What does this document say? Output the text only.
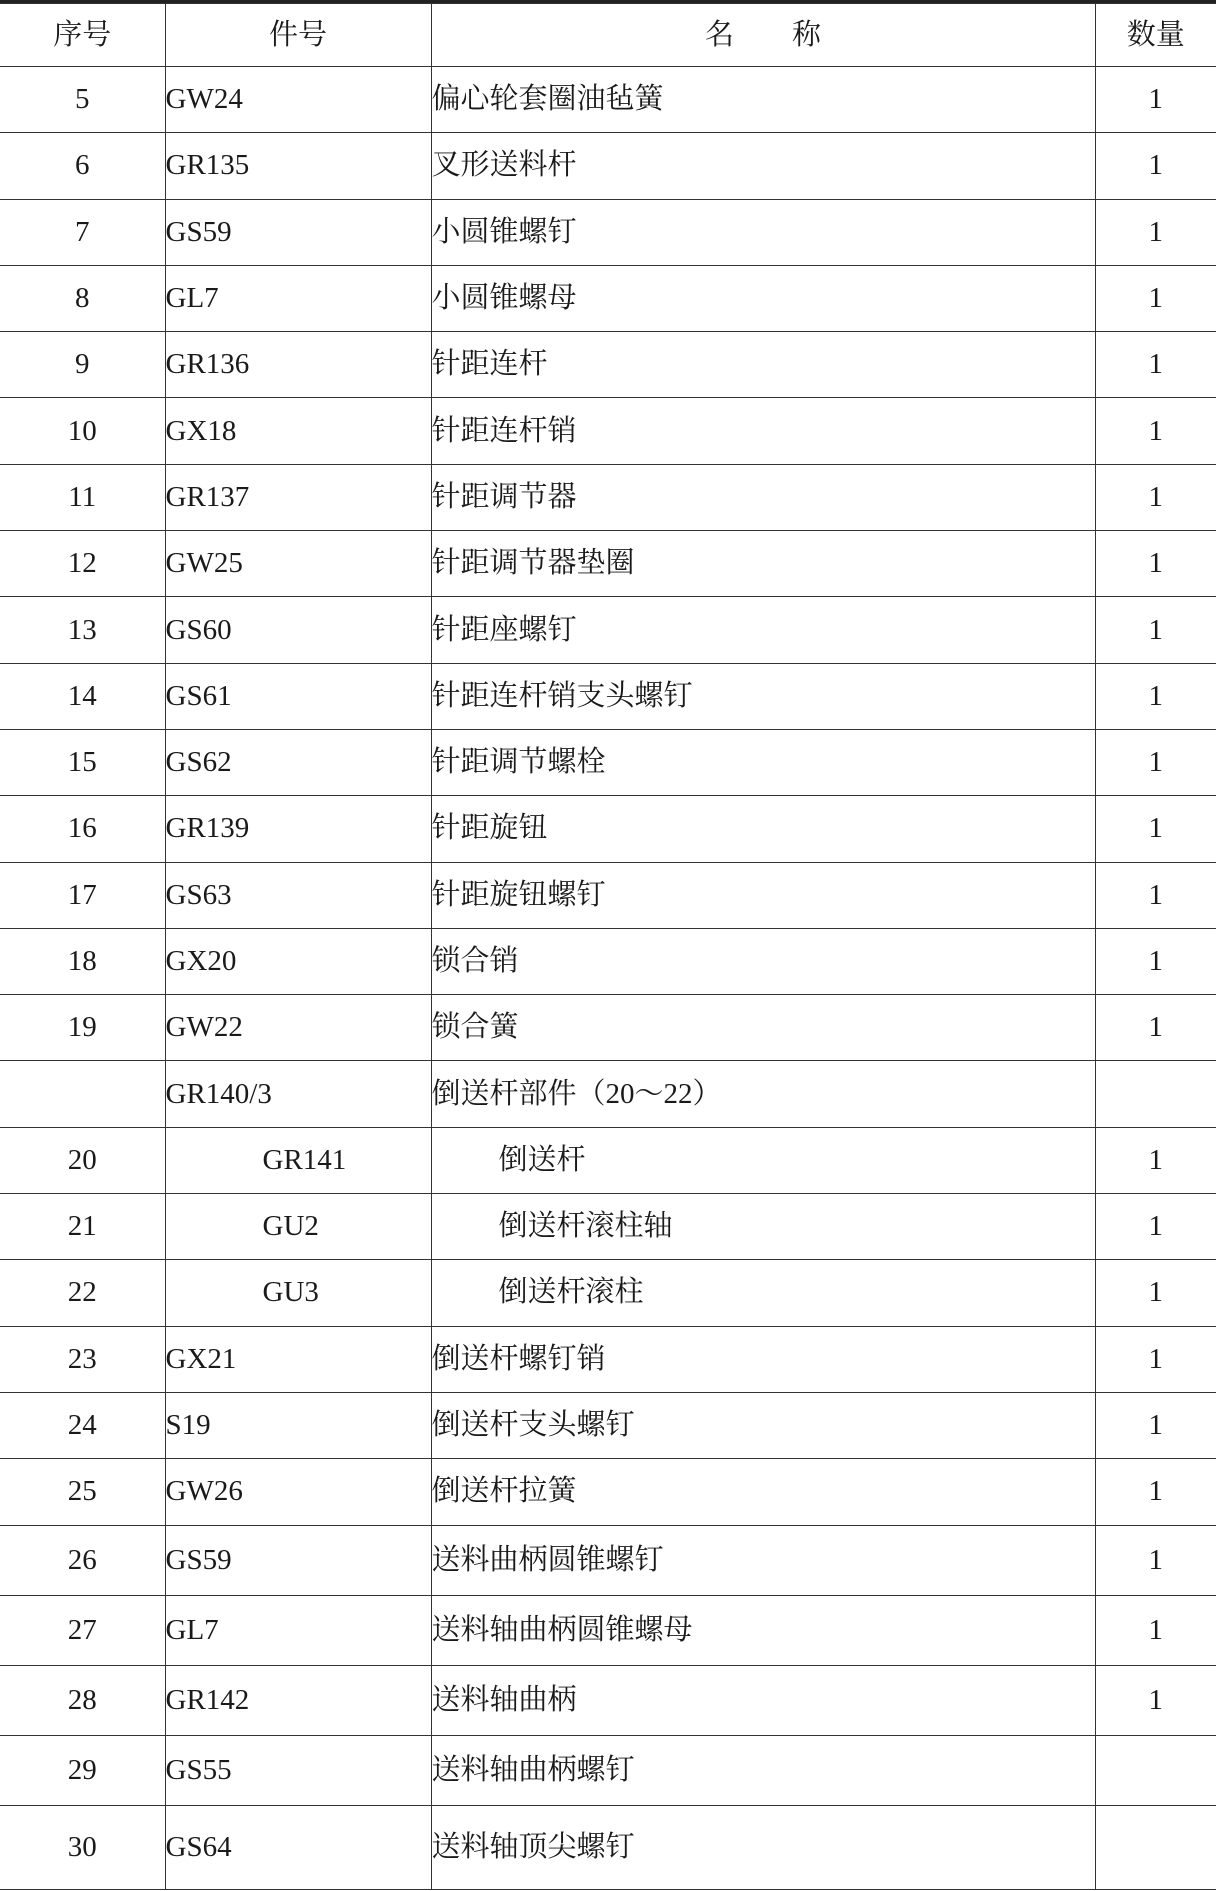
序号	件号	名　　称	数量
5	GW24	偏心轮套圈油毡簧	1
6	GR135	叉形送料杆	1
7	GS59	小圆锥螺钉	1
8	GL7	小圆锥螺母	1
9	GR136	针距连杆	1
10	GX18	针距连杆销	1
11	GR137	针距调节器	1
12	GW25	针距调节器垫圈	1
13	GS60	针距座螺钉	1
14	GS61	针距连杆销支头螺钉	1
15	GS62	针距调节螺栓	1
16	GR139	针距旋钮	1
17	GS63	针距旋钮螺钉	1
18	GX20	锁合销	1
19	GW22	锁合簧	1
	GR140/3	倒送杆部件（20～22）	
20	GR141	倒送杆	1
21	GU2	倒送杆滚柱轴	1
22	GU3	倒送杆滚柱	1
23	GX21	倒送杆螺钉销	1
24	S19	倒送杆支头螺钉	1
25	GW26	倒送杆拉簧	1
26	GS59	送料曲柄圆锥螺钉	1
27	GL7	送料轴曲柄圆锥螺母	1
28	GR142	送料轴曲柄	1
29	GS55	送料轴曲柄螺钉	
30	GS64	送料轴顶尖螺钉	
